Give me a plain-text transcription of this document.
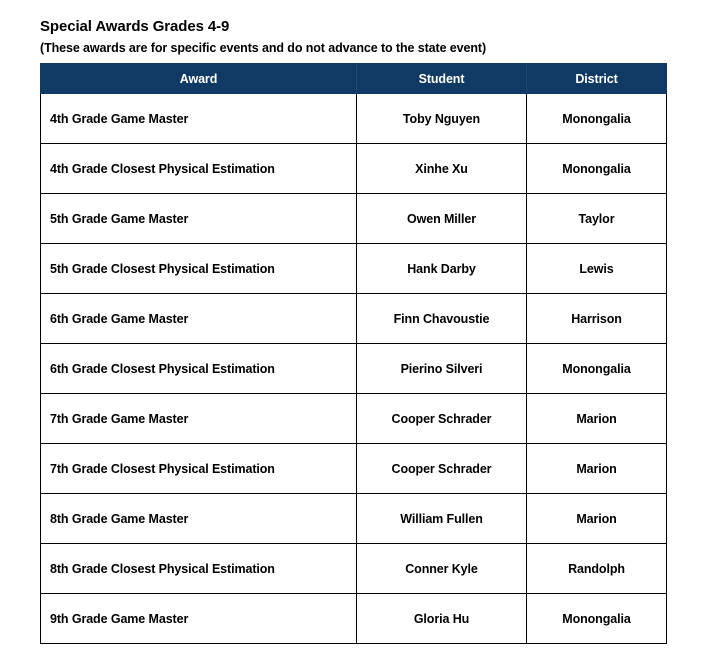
Special Awards Grades 4-9

(These awards are for specific events and do not advance to the state event)

Award	Student	District
4th Grade Game Master	Toby Nguyen	Monongalia
4th Grade Closest Physical Estimation	Xinhe Xu	Monongalia
5th Grade Game Master	Owen Miller	Taylor
5th Grade Closest Physical Estimation	Hank Darby	Lewis
6th Grade Game Master	Finn Chavoustie	Harrison
6th Grade Closest Physical Estimation	Pierino Silveri	Monongalia
7th Grade Game Master	Cooper Schrader	Marion
7th Grade Closest Physical Estimation	Cooper Schrader	Marion
8th Grade Game Master	William Fullen	Marion
8th Grade Closest Physical Estimation	Conner Kyle	Randolph
9th Grade Game Master	Gloria Hu	Monongalia
